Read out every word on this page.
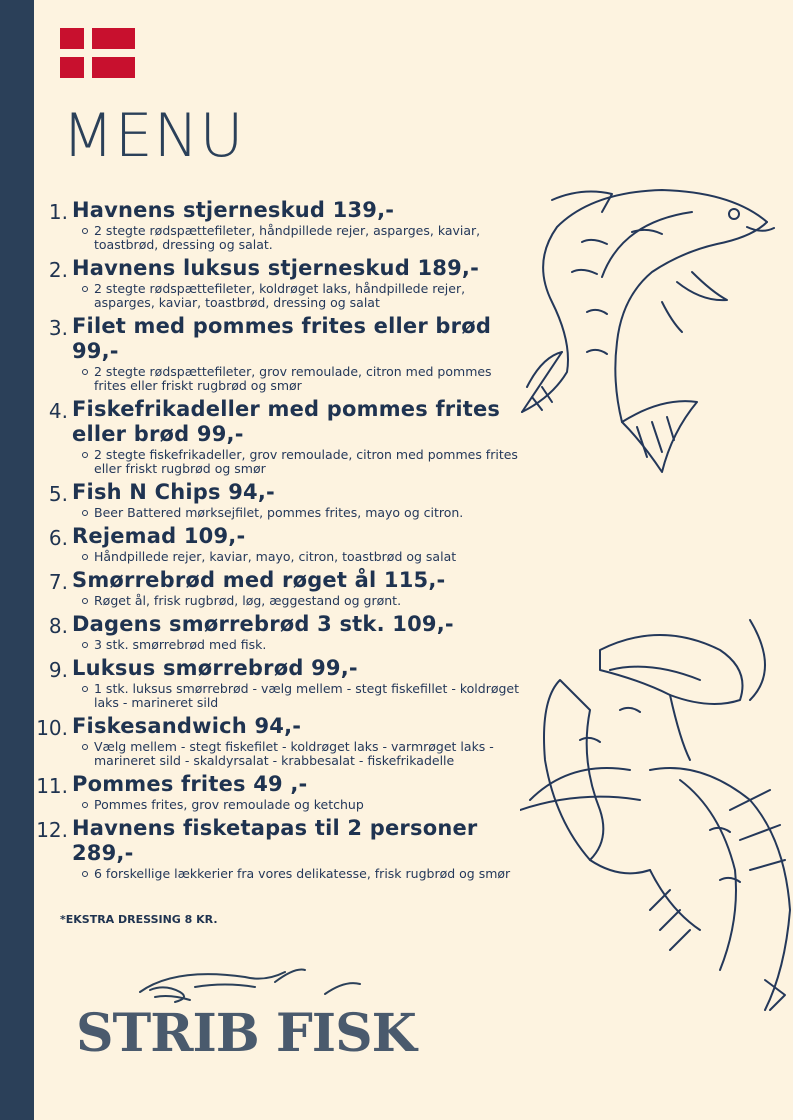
MENU
1. Havnens stjerneskud 139,-
2 stegte rødspættefileter, håndpillede rejer, asparges, kaviar, toastbrød, dressing og salat.
2. Havnens luksus stjerneskud 189,-
2 stegte rødspættefileter, koldrøget laks, håndpillede rejer, asparges, kaviar, toastbrød, dressing og salat
3. Filet med pommes frites eller brød 99,-
2 stegte rødspættefileter, grov remoulade, citron med pommes frites eller friskt rugbrød og smør
4. Fiskefrikadeller med pommes frites eller brød 99,-
2 stegte fiskefrikadeller, grov remoulade, citron med pommes frites eller friskt rugbrød og smør
5. Fish N Chips 94,-
Beer Battered mørksejfilet, pommes frites, mayo og citron.
6. Rejemad 109,-
Håndpillede rejer, kaviar, mayo, citron, toastbrød og salat
7. Smørrebrød med røget ål 115,-
Røget ål, frisk rugbrød, løg, æggestand og grønt.
8. Dagens smørrebrød 3 stk. 109,-
3 stk. smørrebrød med fisk.
9. Luksus smørrebrød 99,-
1 stk. luksus smørrebrød - vælg mellem - stegt fiskefillet - koldrøget laks - marineret sild
10. Fiskesandwich 94,-
Vælg mellem - stegt fiskefilet - koldrøget laks - varmrøget laks - marineret sild - skaldyrsalat - krabbesalat - fiskefrikadelle
11. Pommes frites 49 ,-
Pommes frites, grov remoulade og ketchup
12. Havnens fisketapas til 2 personer 289,-
6 forskellige lækkerier fra vores delikatesse, frisk rugbrød og smør
*EKSTRA DRESSING 8 KR.
STRIB FISK
